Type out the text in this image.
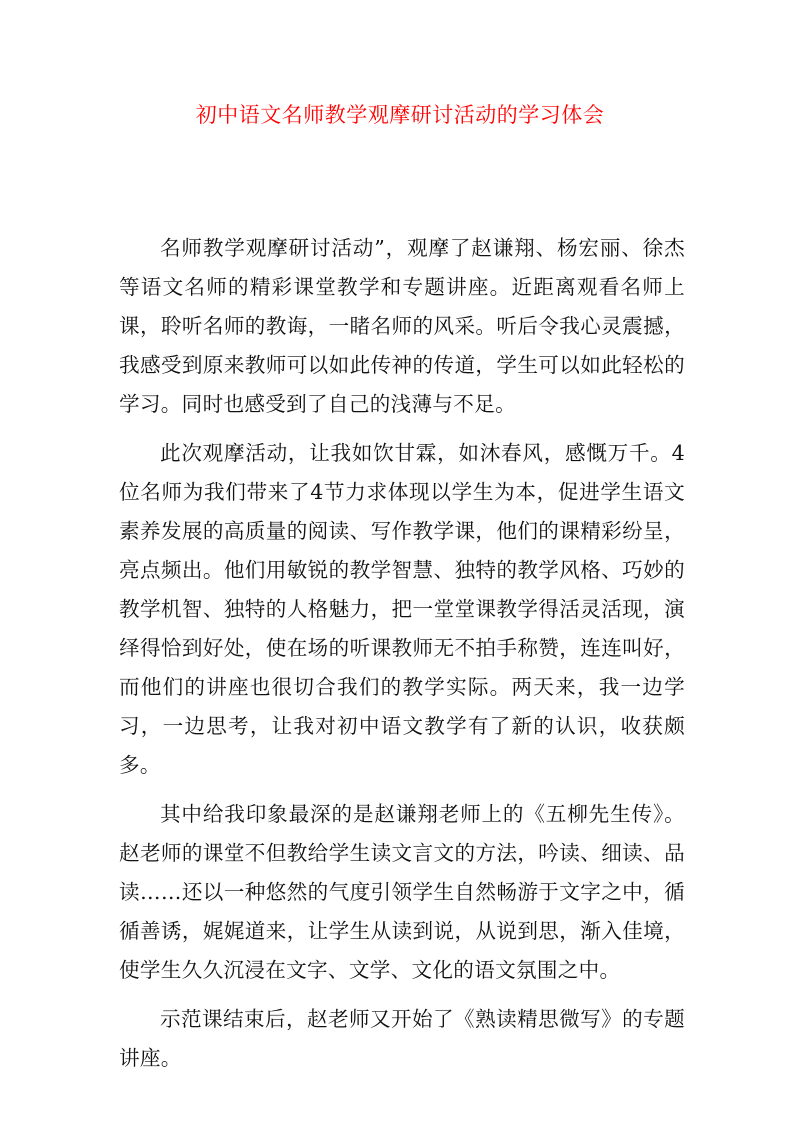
初中语文名师教学观摩研讨活动的学习体会

名师教学观摩研讨活动”，观摩了赵谦翔、杨宏丽、徐杰等语文名师的精彩课堂教学和专题讲座。近距离观看名师上课，聆听名师的教诲，一睹名师的风采。听后令我心灵震撼，我感受到原来教师可以如此传神的传道，学生可以如此轻松的学习。同时也感受到了自己的浅薄与不足。

此次观摩活动，让我如饮甘霖，如沐春风，感慨万千。4位名师为我们带来了4节力求体现以学生为本，促进学生语文素养发展的高质量的阅读、写作教学课，他们的课精彩纷呈，亮点频出。他们用敏锐的教学智慧、独特的教学风格、巧妙的教学机智、独特的人格魅力，把一堂堂课教学得活灵活现，演绎得恰到好处，使在场的听课教师无不拍手称赞，连连叫好，而他们的讲座也很切合我们的教学实际。两天来，我一边学习，一边思考，让我对初中语文教学有了新的认识，收获颇多。

其中给我印象最深的是赵谦翔老师上的《五柳先生传》。赵老师的课堂不但教给学生读文言文的方法，吟读、细读、品读……还以一种悠然的气度引领学生自然畅游于文字之中，循循善诱，娓娓道来，让学生从读到说，从说到思，渐入佳境，使学生久久沉浸在文字、文学、文化的语文氛围之中。

示范课结束后，赵老师又开始了《熟读精思微写》的专题讲座。
